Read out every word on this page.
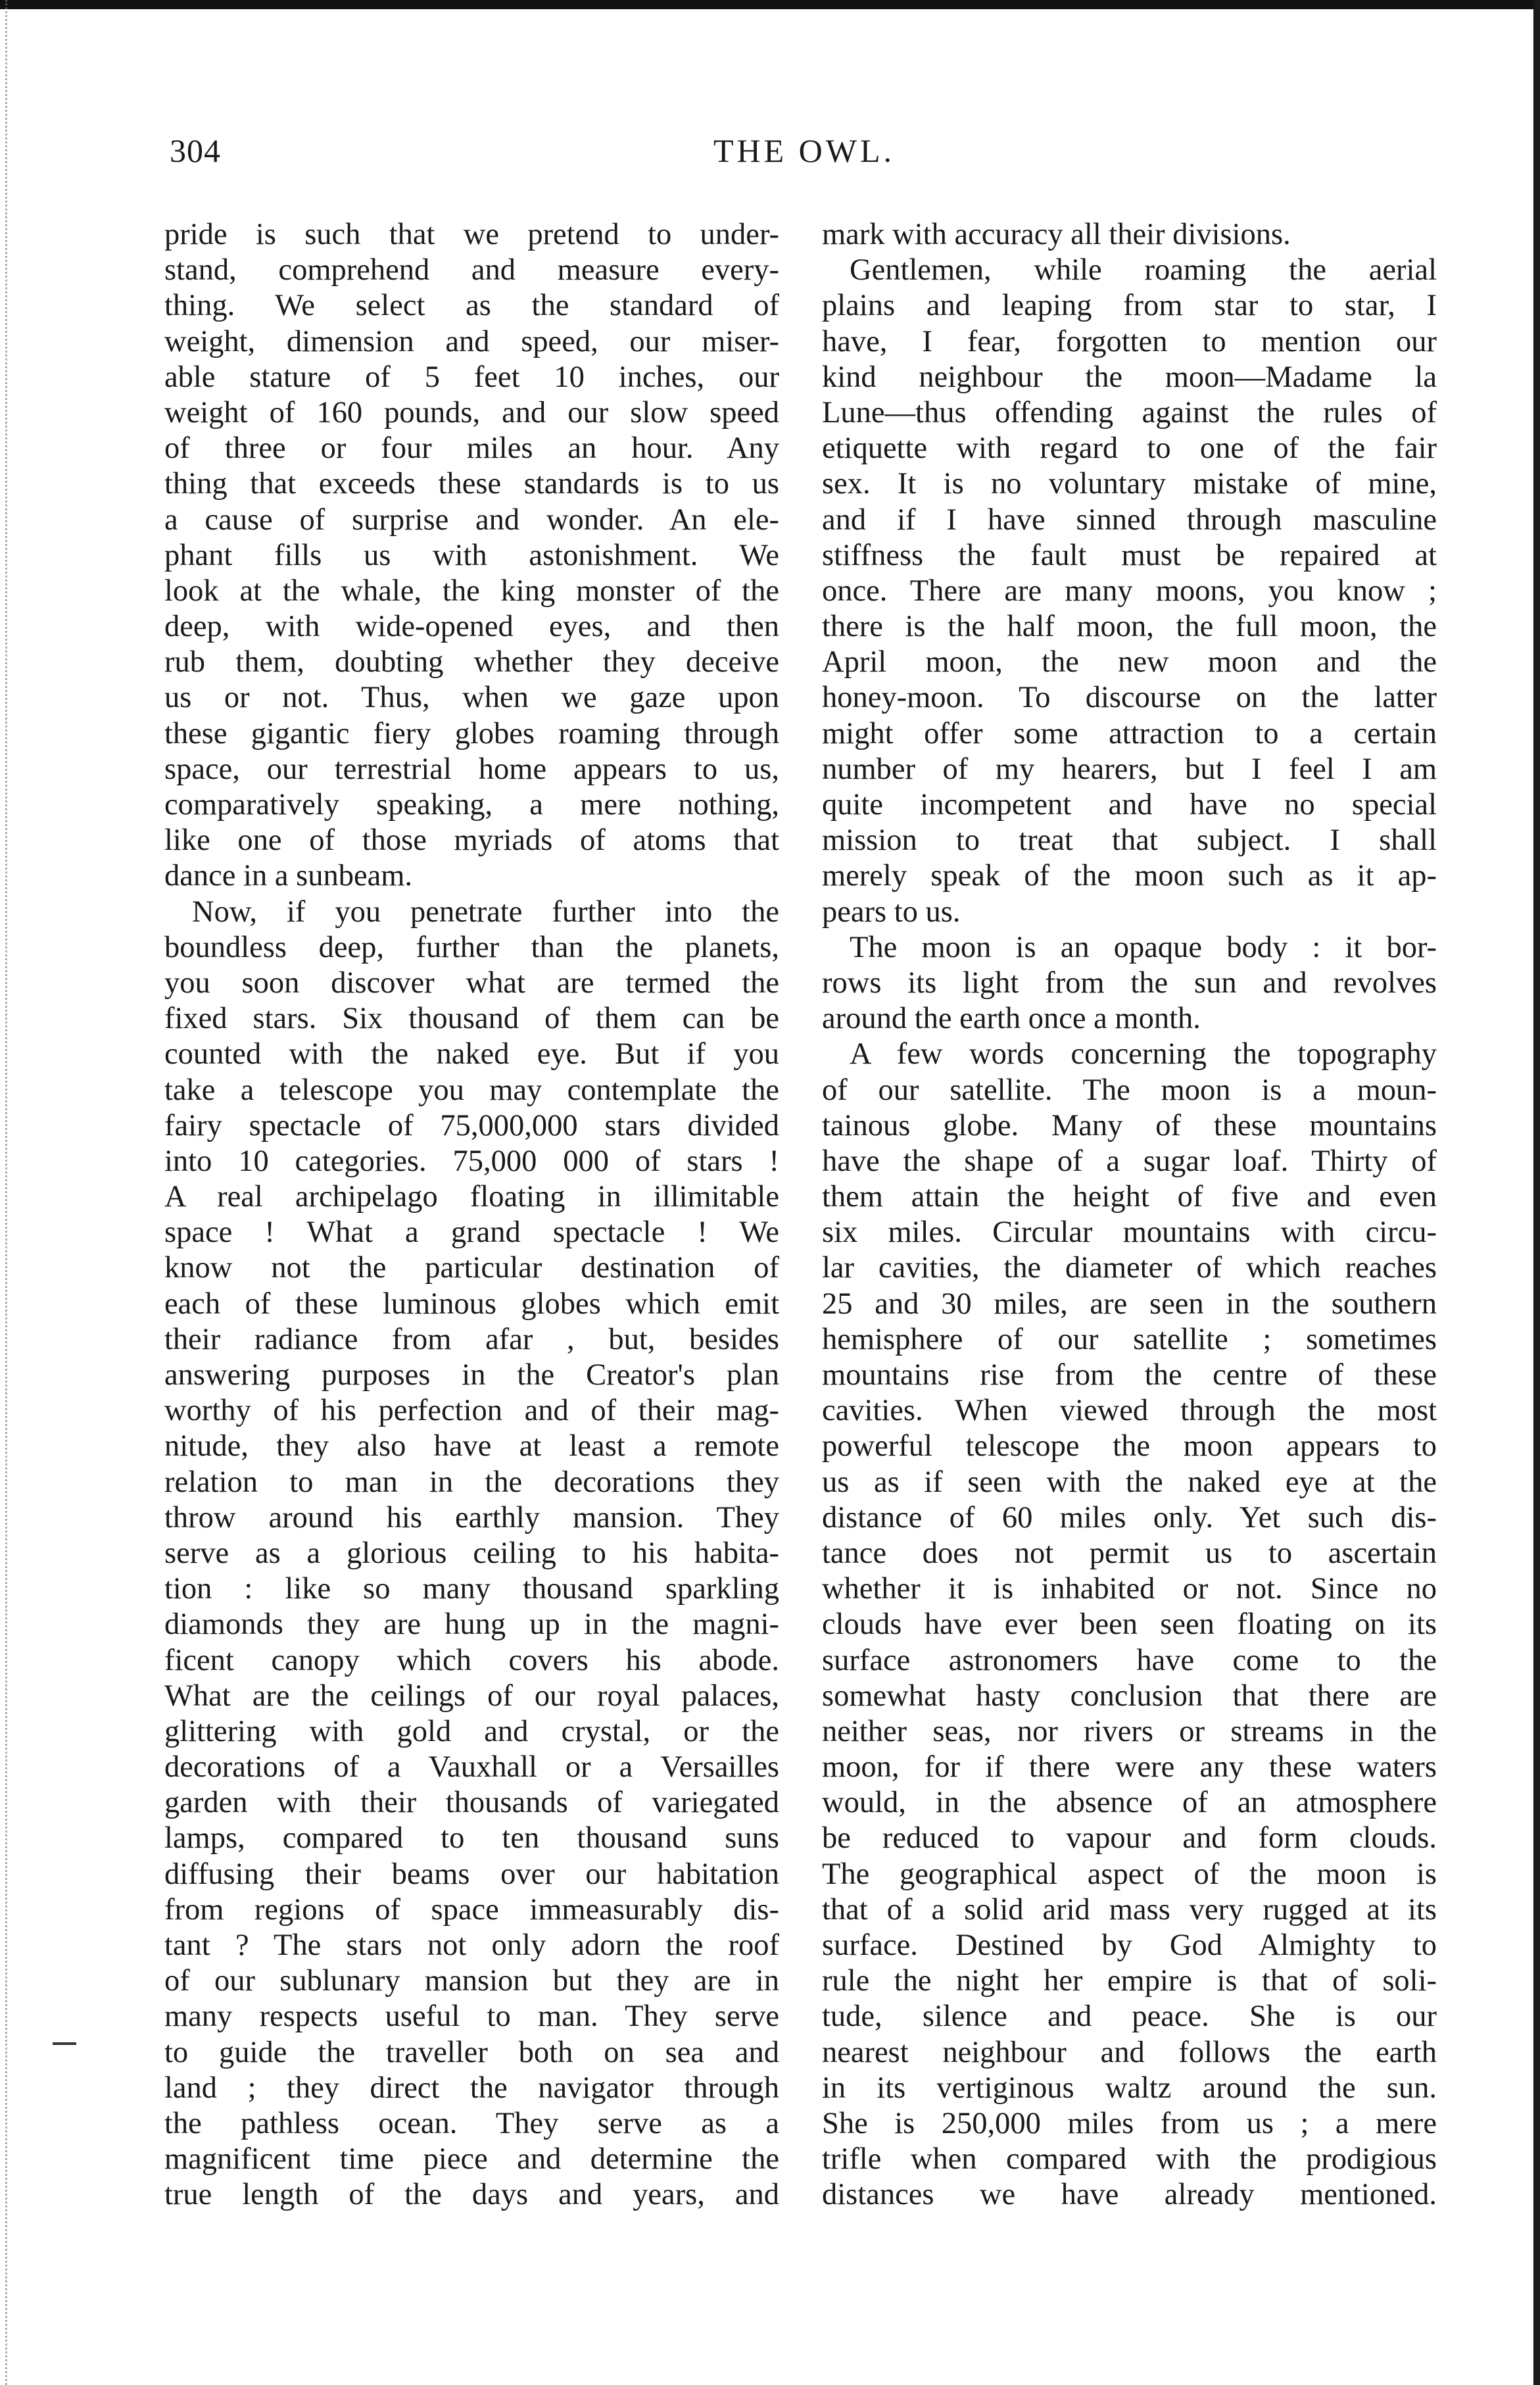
304	THE OWL.
pride is such that we pretend to under-
stand, comprehend and measure every-
thing. We select as the standard of
weight, dimension and speed, our miser-
able stature of 5 feet 10 inches, our
weight of 160 pounds, and our slow speed
of three or four miles an hour. Any
thing that exceeds these standards is to us
a cause of surprise and wonder. An ele-
phant fills us with astonishment. We
look at the whale, the king monster of the
deep, with wide-opened eyes, and then
rub them, doubting whether they deceive
us or not. Thus, when we gaze upon
these gigantic fiery globes roaming through
space, our terrestrial home appears to us,
comparatively speaking, a mere nothing,
like one of those myriads of atoms that
dance in a sunbeam.
Now, if you penetrate further into the
boundless deep, further than the planets,
you soon discover what are termed the
fixed stars. Six thousand of them can be
counted with the naked eye. But if you
take a telescope you may contemplate the
fairy spectacle of 75,000,000 stars divided
into 10 categories. 75,000 000 of stars !
A real archipelago floating in illimitable
space ! What a grand spectacle ! We
know not the particular destination of
each of these luminous globes which emit
their radiance from afar , but, besides
answering purposes in the Creator's plan
worthy of his perfection and of their mag-
nitude, they also have at least a remote
relation to man in the decorations they
throw around his earthly mansion. They
serve as a glorious ceiling to his habita-
tion : like so many thousand sparkling
diamonds they are hung up in the magni-
ficent canopy which covers his abode.
What are the ceilings of our royal palaces,
glittering with gold and crystal, or the
decorations of a Vauxhall or a Versailles
garden with their thousands of variegated
lamps, compared to ten thousand suns
diffusing their beams over our habitation
from regions of space immeasurably dis-
tant ? The stars not only adorn the roof
of our sublunary mansion but they are in
many respects useful to man. They serve
to guide the traveller both on sea and
land ; they direct the navigator through
the pathless ocean. They serve as a
magnificent time piece and determine the
true length of the days and years, and
mark with accuracy all their divisions.
Gentlemen, while roaming the aerial
plains and leaping from star to star, I
have, I fear, forgotten to mention our
kind neighbour the moon—Madame la
Lune—thus offending against the rules of
etiquette with regard to one of the fair
sex. It is no voluntary mistake of mine,
and if I have sinned through masculine
stiffness the fault must be repaired at
once. There are many moons, you know ;
there is the half moon, the full moon, the
April moon, the new moon and the
honey-moon. To discourse on the latter
might offer some attraction to a certain
number of my hearers, but I feel I am
quite incompetent and have no special
mission to treat that subject. I shall
merely speak of the moon such as it ap-
pears to us.
The moon is an opaque body : it bor-
rows its light from the sun and revolves
around the earth once a month.
A few words concerning the topography
of our satellite. The moon is a moun-
tainous globe. Many of these mountains
have the shape of a sugar loaf. Thirty of
them attain the height of five and even
six miles. Circular mountains with circu-
lar cavities, the diameter of which reaches
25 and 30 miles, are seen in the southern
hemisphere of our satellite ; sometimes
mountains rise from the centre of these
cavities. When viewed through the most
powerful telescope the moon appears to
us as if seen with the naked eye at the
distance of 60 miles only. Yet such dis-
tance does not permit us to ascertain
whether it is inhabited or not. Since no
clouds have ever been seen floating on its
surface astronomers have come to the
somewhat hasty conclusion that there are
neither seas, nor rivers or streams in the
moon, for if there were any these waters
would, in the absence of an atmosphere
be reduced to vapour and form clouds.
The geographical aspect of the moon is
that of a solid arid mass very rugged at its
surface. Destined by God Almighty to
rule the night her empire is that of soli-
tude, silence and peace. She is our
nearest neighbour and follows the earth
in its vertiginous waltz around the sun.
She is 250,000 miles from us ; a mere
trifle when compared with the prodigious
distances we have already mentioned.
